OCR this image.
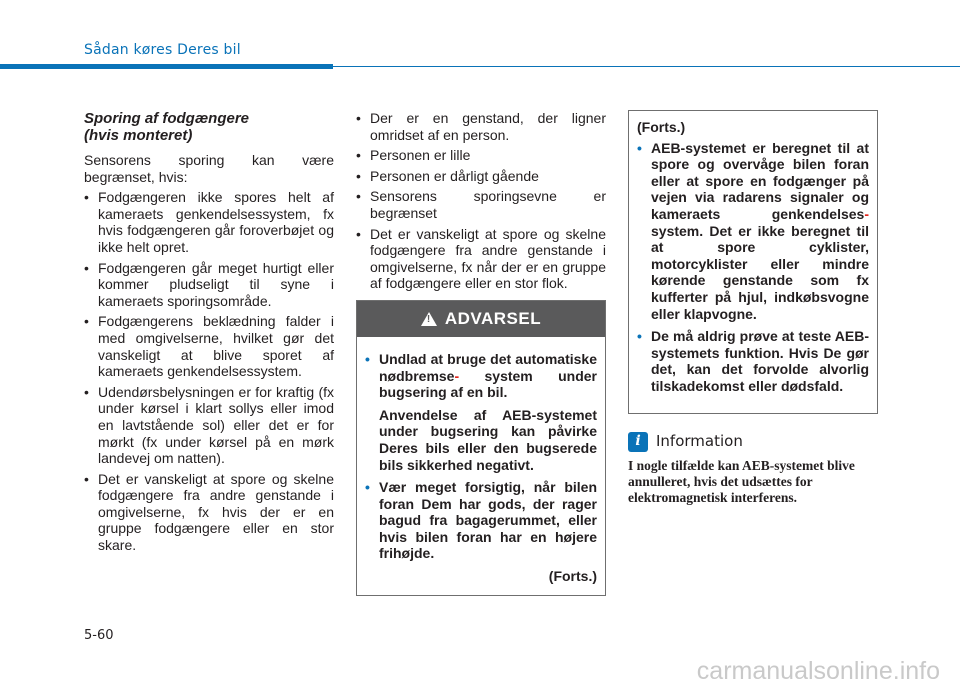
Sådan køres Deres bil
Sporing af fodgængere
(hvis monteret)

Sensorens sporing kan være begrænset, hvis:

• Fodgængeren ikke spores helt af kameraets genkendelsessystem, fx hvis fodgængeren går foroverbøjet og ikke helt opret.
• Fodgængeren går meget hurtigt eller kommer pludseligt til syne i kameraets sporingsområde.
• Fodgængerens beklædning falder i med omgivelserne, hvilket gør det vanskeligt at blive sporet af kameraets genkendelsessystem.
• Udendørsbelysningen er for kraftig (fx under kørsel i klart sollys eller imod en lavtstående sol) eller det er for mørkt (fx under kørsel på en mørk landevej om natten).
• Det er vanskeligt at spore og skelne fodgængere fra andre genstande i omgivelserne, fx hvis der er en gruppe fodgængere eller en stor skare.
• Der er en genstand, der ligner omridset af en person.
• Personen er lille
• Personen er dårligt gående
• Sensorens sporingsevne er begrænset
• Det er vanskeligt at spore og skelne fodgængere fra andre genstande i omgivelserne, fx når der er en gruppe af fodgængere eller en stor flok.
!
ADVARSEL
• Undlad at bruge det automatiske nødbremse- system under bugsering af en bil.
Anvendelse af AEB-systemet under bugsering kan påvirke Deres bils eller den bugserede bils sikkerhed negativt.
• Vær meget forsigtig, når bilen foran Dem har gods, der rager bagud fra bagagerummet, eller hvis bilen foran har en højere frihøjde.
(Forts.)
(Forts.)
• AEB-systemet er beregnet til at spore og overvåge bilen foran eller at spore en fodgænger på vejen via radarens signaler og kameraets genkendelses- system. Det er ikke beregnet til at spore cyklister, motorcyklister eller mindre kørende genstande som fx kufferter på hjul, indkøbsvogne eller klapvogne.
• De må aldrig prøve at teste AEB-systemets funktion. Hvis De gør det, kan det forvolde alvorlig tilskadekomst eller dødsfald.
i	Information
I nogle tilfælde kan AEB-systemet blive annulleret, hvis det udsættes for elektromagnetisk interferens.
5-60
carmanualsonline.info
